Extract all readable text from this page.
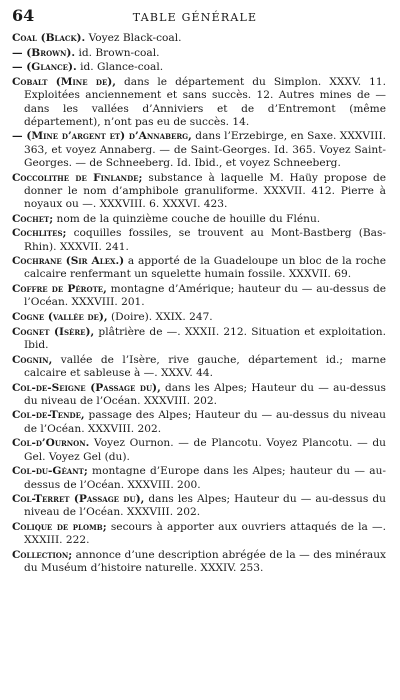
64	TABLE GÉNÉRALE

Coal (Black). Voyez Black-coal.

— (Brown). id. Brown-coal.

— (Glance). id. Glance-coal.

Cobalt (Mine de), dans le département du Simplon. XXXV. 11. Exploitées anciennement et sans succès. 12. Autres mines de — dans les vallées d’Anniviers et de d’Entremont (même département), n’ont pas eu de succès. 14.

— (Mine d’argent et) d’Annaberg, dans l’Erzebirge, en Saxe. XXXVIII. 363, et voyez Annaberg. — de Saint-Georges. Id. 365. Voyez Saint-Georges. — de Schneeberg. Id. Ibid., et voyez Schneeberg.

Coccolithe de Finlande; substance à laquelle M. Haüy propose de donner le nom d’amphibole granuliforme. XXXVII. 412. Pierre à noyaux ou —. XXXVIII. 6. XXXVI. 423.

Cochet; nom de la quinzième couche de houille du Flénu.

Cochlites; coquilles fossiles, se trouvent au Mont-Bastberg (Bas-Rhin). XXXVII. 241.

Cochrane (Sir Alex.) a apporté de la Guadeloupe un bloc de la roche calcaire renfermant un squelette humain fossile. XXXVII. 69.

Coffre de Pérote, montagne d’Amérique; hauteur du — au-dessus de l’Océan. XXXVIII. 201.

Cogne (vallée de), (Doire). XXIX. 247.

Cognet (Isère), plâtrière de —. XXXII. 212. Situation et exploitation. Ibid.

Cognin, vallée de l’Isère, rive gauche, département id.; marne calcaire et sableuse à —. XXXV. 44.

Col-de-Seigne (Passage du), dans les Alpes; Hauteur du — au-dessus du niveau de l’Océan. XXXVIII. 202.

Col-de-Tende, passage des Alpes; Hauteur du — au-dessus du niveau de l’Océan. XXXVIII. 202.

Col-d’Ournon. Voyez Ournon. — de Plancotu. Voyez Plancotu. — du Gel. Voyez Gel (du).

Col-du-Géant; montagne d’Europe dans les Alpes; hauteur du — au-dessus de l’Océan. XXXVIII. 200.

Col-Terret (Passage du), dans les Alpes; Hauteur du — au-dessus du niveau de l’Océan. XXXVIII. 202.

Colique de plomb; secours à apporter aux ouvriers attaqués de la —. XXXIII. 222.

Collection; annonce d’une description abrégée de la — des minéraux du Muséum d’histoire naturelle. XXXIV. 253.
